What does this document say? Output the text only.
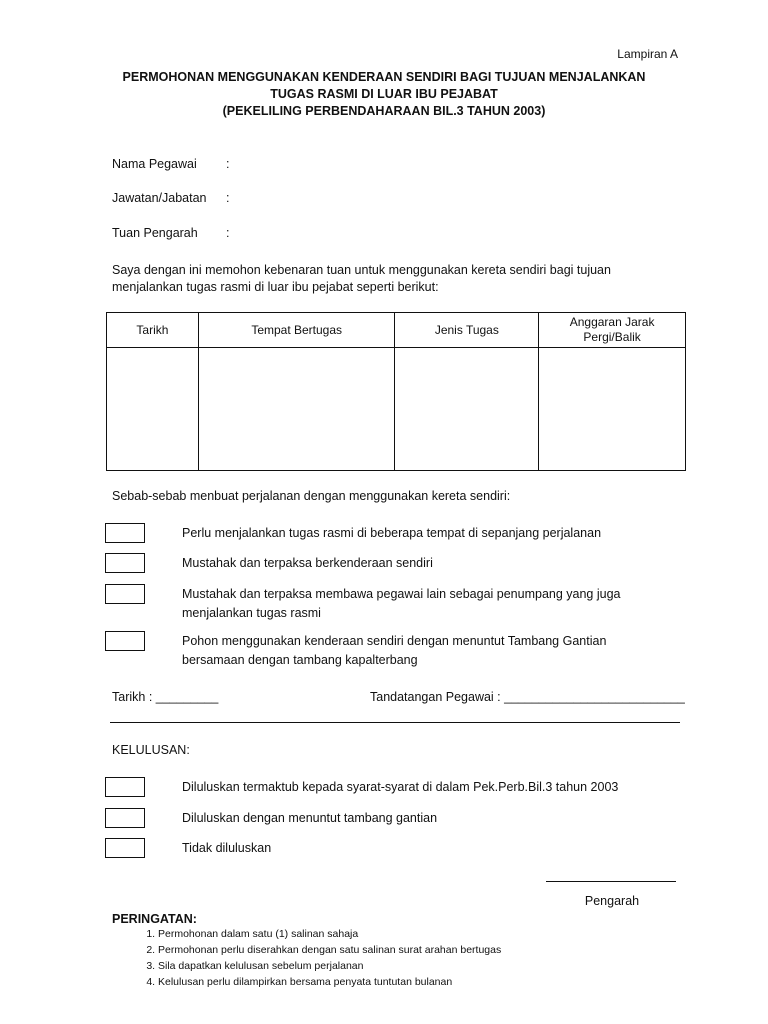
Lampiran A
PERMOHONAN MENGGUNAKAN KENDERAAN SENDIRI BAGI TUJUAN MENJALANKAN
TUGAS RASMI DI LUAR IBU PEJABAT
(PEKELILING PERBENDAHARAAN BIL.3 TAHUN 2003)
Nama Pegawai :
Jawatan/Jabatan :
Tuan Pengarah :
Saya dengan ini memohon kebenaran tuan untuk menggunakan kereta sendiri bagi tujuan menjalankan tugas rasmi di luar ibu pejabat seperti berikut:
Tarikh	Tempat Bertugas	Jenis Tugas	Anggaran Jarak Pergi/Balik

Sebab-sebab menbuat perjalanan dengan menggunakan kereta sendiri:
Perlu menjalankan tugas rasmi di beberapa tempat di sepanjang perjalanan
Mustahak dan terpaksa berkenderaan sendiri
Mustahak dan terpaksa membawa pegawai lain sebagai penumpang yang juga menjalankan tugas rasmi
Pohon menggunakan kenderaan sendiri dengan menuntut Tambang Gantian bersamaan dengan tambang kapalterbang
Tarikh : _________	Tandatangan Pegawai : __________________________
KELULUSAN:
Diluluskan termaktub kepada syarat-syarat di dalam Pek.Perb.Bil.3 tahun 2003
Diluluskan dengan menuntut tambang gantian
Tidak diluluskan
Pengarah
PERINGATAN:
1. Permohonan dalam satu (1) salinan sahaja
2. Permohonan perlu diserahkan dengan satu salinan surat arahan bertugas
3. Sila dapatkan kelulusan sebelum perjalanan
4. Kelulusan perlu dilampirkan bersama penyata tuntutan bulanan
